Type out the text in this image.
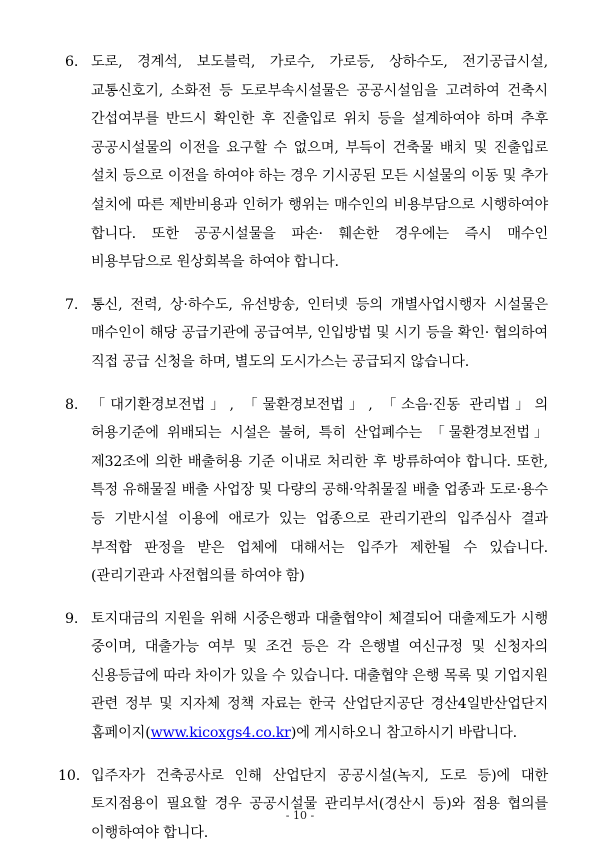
6. 도로, 경계석, 보도블럭, 가로수, 가로등, 상하수도, 전기공급시설, 교통신호기, 소화전 등 도로부속시설물은 공공시설임을 고려하여 건축시 간섭여부를 반드시 확인한 후 진출입로 위치 등을 설계하여야 하며 추후 공공시설물의 이전을 요구할 수 없으며, 부득이 건축물 배치 및 진출입로 설치 등으로 이전을 하여야 하는 경우 기시공된 모든 시설물의 이동 및 추가 설치에 따른 제반비용과 인허가 행위는 매수인의 비용부담으로 시행하여야 합니다. 또한 공공시설물을 파손· 훼손한 경우에는 즉시 매수인 비용부담으로 원상회복을 하여야 합니다.
7. 통신, 전력, 상·하수도, 유선방송, 인터넷 등의 개별사업시행자 시설물은 매수인이 해당 공급기관에 공급여부, 인입방법 및 시기 등을 확인· 협의하여 직접 공급 신청을 하며, 별도의 도시가스는 공급되지 않습니다.
8. 「대기환경보전법」, 「물환경보전법」, 「소음·진동 관리법」의 허용기준에 위배되는 시설은 불허, 특히 산업폐수는 「물환경보전법」 제32조에 의한 배출허용 기준 이내로 처리한 후 방류하여야 합니다. 또한, 특정 유해물질 배출 사업장 및 다량의 공해·악취물질 배출 업종과 도로·용수 등 기반시설 이용에 애로가 있는 업종으로 관리기관의 입주심사 결과 부적합 판정을 받은 업체에 대해서는 입주가 제한될 수 있습니다.(관리기관과 사전협의를 하여야 함)
9. 토지대금의 지원을 위해 시중은행과 대출협약이 체결되어 대출제도가 시행 중이며, 대출가능 여부 및 조건 등은 각 은행별 여신규정 및 신청자의 신용등급에 따라 차이가 있을 수 있습니다. 대출협약 은행 목록 및 기업지원 관련 정부 및 지자체 정책 자료는 한국 산업단지공단 경산4일반산업단지 홈페이지(www.kicoxgs4.co.kr)에 게시하오니 참고하시기 바랍니다.
10. 입주자가 건축공사로 인해 산업단지 공공시설(녹지, 도로 등)에 대한 토지점용이 필요할 경우 공공시설물 관리부서(경산시 등)와 점용 협의를 이행하여야 합니다.
- 10 -
